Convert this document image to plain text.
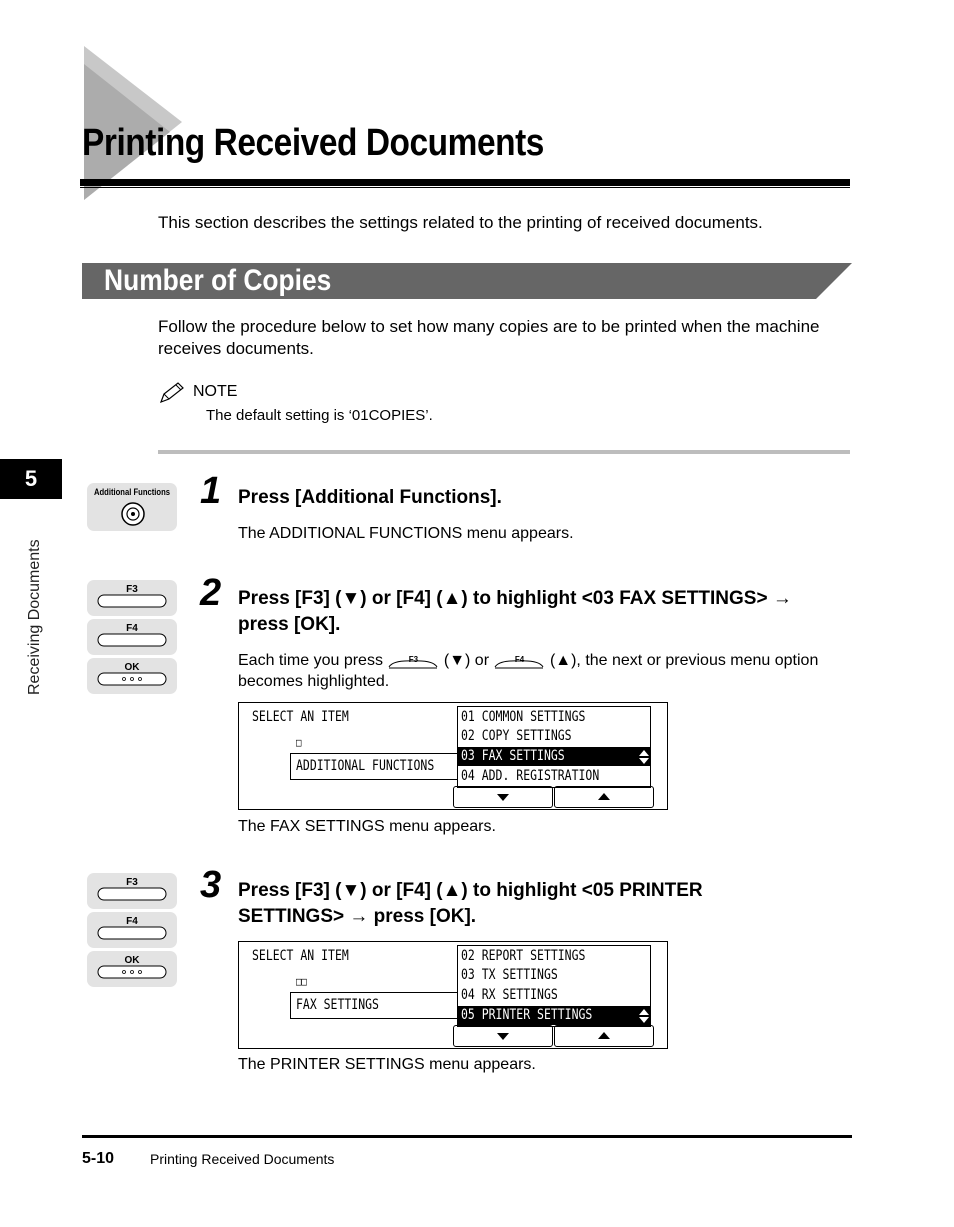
Printing Received Documents
This section describes the settings related to the printing of received documents.
Number of Copies
Follow the procedure below to set how many copies are to be printed when the machine receives documents.
NOTE
The default setting is ‘01COPIES’.
5
Receiving Documents
Additional Functions 1 Press [Additional Functions].
The ADDITIONAL FUNCTIONS menu appears.
F3
F4
OK
2 Press [F3] (▼) or [F4] (▲) to highlight <03 FAX SETTINGS> →
press [OK].
Each time you press	F3	(▼) or	F4	(▲), the next or previous menu option
becomes highlighted.
SELECT AN ITEM
□
ADDITIONAL FUNCTIONS
01 COMMON SETTINGS
02 COPY SETTINGS
03 FAX SETTINGS
04 ADD. REGISTRATION
The FAX SETTINGS menu appears.
F3
F4
OK
3 Press [F3] (▼) or [F4] (▲) to highlight <05 PRINTER
SETTINGS> → press [OK].
SELECT AN ITEM
□□
FAX SETTINGS
02 REPORT SETTINGS
03 TX SETTINGS
04 RX SETTINGS
05 PRINTER SETTINGS
The PRINTER SETTINGS menu appears.
5-10	Printing Received Documents
